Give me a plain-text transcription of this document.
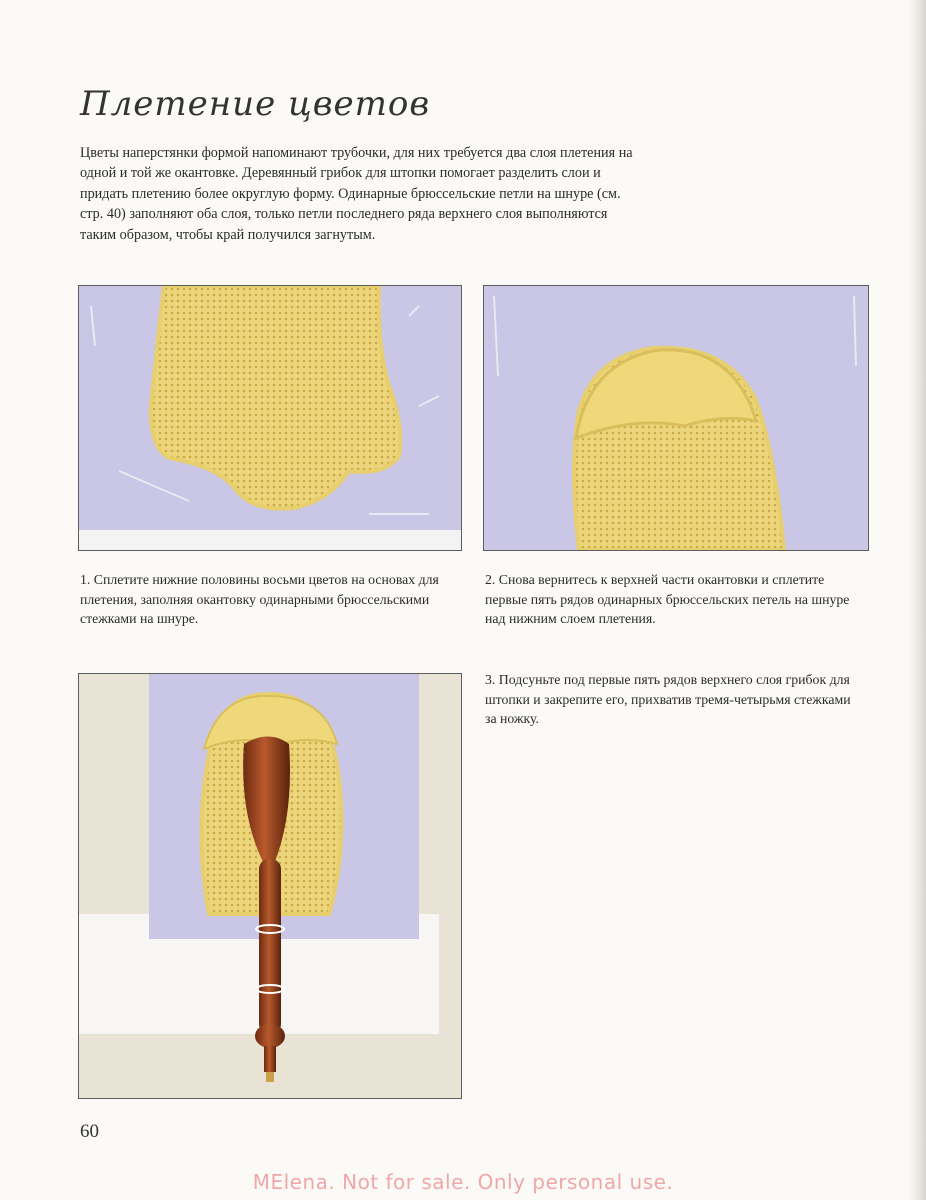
Плетение цветов

Цветы наперстянки формой напоминают трубочки, для них требуется два слоя плетения на одной и той же окантовке. Деревянный грибок для штопки помогает разделить слои и придать плетению более округлую форму. Одинарные брюссельские петли на шнуре (см. стр. 40) заполняют оба слоя, только петли последнего ряда верхнего слоя выполняются таким образом, чтобы край получился загнутым.

1. Сплетите нижние половины восьми цветов на основах для плетения, заполняя окантовку одинарными брюссельскими стежками на шнуре.

2. Снова вернитесь к верхней части окантовки и сплетите первые пять рядов одинарных брюссельских петель на шнуре над нижним слоем плетения.

3. Подсуньте под первые пять рядов верхнего слоя грибок для штопки и закрепите его, прихватив тремя-четырьмя стежками за ножку.

60
MElena. Not for sale. Only personal use.
